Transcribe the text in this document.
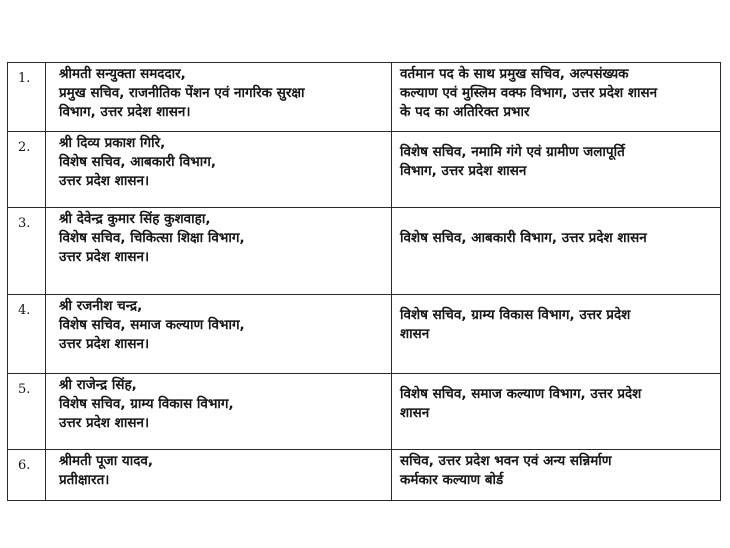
1.	श्रीमती सन्युक्ता समददार,
प्रमुख सचिव, राजनीतिक पेंशन एवं नागरिक सुरक्षा
विभाग, उत्तर प्रदेश शासन।	वर्तमान पद के साथ प्रमुख सचिव, अल्पसंख्यक
कल्याण एवं मुस्लिम वक्फ विभाग, उत्तर प्रदेश शासन
के पद का अतिरिक्त प्रभार

2.	श्री दिव्य प्रकाश गिरि,
विशेष सचिव, आबकारी विभाग,
उत्तर प्रदेश शासन।	विशेष सचिव, नमामि गंगे एवं ग्रामीण जलापूर्ति
विभाग, उत्तर प्रदेश शासन

3.	श्री देवेन्द्र कुमार सिंह कुशवाहा,
विशेष सचिव, चिकित्सा शिक्षा विभाग,
उत्तर प्रदेश शासन।	विशेष सचिव, आबकारी विभाग, उत्तर प्रदेश शासन

4.	श्री रजनीश चन्द्र,
विशेष सचिव, समाज कल्याण विभाग,
उत्तर प्रदेश शासन।	विशेष सचिव, ग्राम्य विकास विभाग, उत्तर प्रदेश
शासन

5.	श्री राजेन्द्र सिंह,
विशेष सचिव, ग्राम्य विकास विभाग,
उत्तर प्रदेश शासन।	विशेष सचिव, समाज कल्याण विभाग, उत्तर प्रदेश
शासन

6.	श्रीमती पूजा यादव,
प्रतीक्षारत।	सचिव, उत्तर प्रदेश भवन एवं अन्य सन्निर्माण
कर्मकार कल्याण बोर्ड
